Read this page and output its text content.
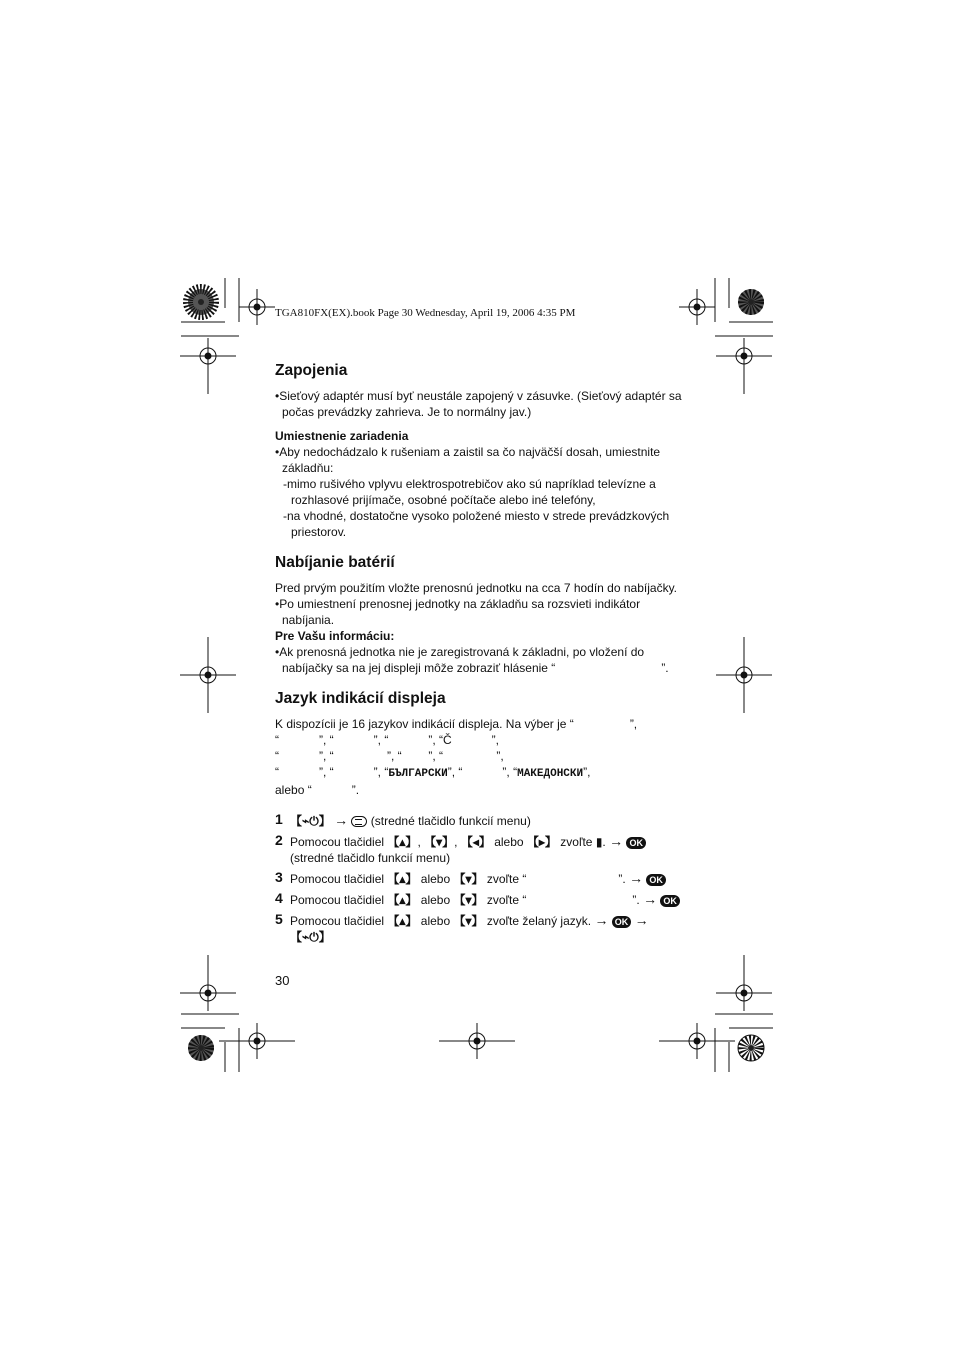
TGA810FX(EX).book Page 30 Wednesday, April 19, 2006 4:35 PM
Zapojenia

•Sieťový adaptér musí byť neustále zapojený v zásuvke. (Sieťový adaptér sa počas prevádzky zahrieva. Je to normálny jav.)

Umiestnenie zariadenia

•Aby nedochádzalo k rušeniam a zaistil sa čo najväčší dosah, umiestnite základňu:

-mimo rušivého vplyvu elektrospotrebičov ako sú napríklad televízne a rozhlasové prijímače, osobné počítače alebo iné telefóny,

-na vhodné, dostatočne vysoko položené miesto v strede prevádzkových priestorov.

Nabíjanie batérií

Pred prvým použitím vložte prenosnú jednotku na cca 7 hodín do nabíjačky.

•Po umiestnení prenosnej jednotky na základňu sa rozsvieti indikátor nabíjania.

Pre Vašu informáciu:

•Ak prenosná jednotka nie je zaregistrovaná k základni, po vložení do nabíjačky sa na jej displeji môže zobraziť hlásenie “	”.

Jazyk indikácií displeja

K dispozícii je 16 jazykov indikácií displeja. Na výber je “	”,

“            ”, “            ”, “            ”, “Č            ”,

“            ”, “                ”, “        ”, “                ”,

“            ”, “            ”, “БЪЛГАРСКИ”, “            ”, “МАКЕДОНСКИ”,

alebo “            ”.

1 【⌁⏻】 → (stredné tlačidlo funkcií menu)
2 Pomocou tlačidiel 【▴】, 【▾】, 【◂】 alebo 【▸】 zvoľte ▮. → OK (stredné tlačidlo funkcií menu)
3 Pomocou tlačidiel 【▴】 alebo 【▾】 zvoľte “	”. → OK
4 Pomocou tlačidiel 【▴】 alebo 【▾】 zvoľte “	”. → OK
5 Pomocou tlačidiel 【▴】 alebo 【▾】 zvoľte želaný jazyk. → OK →
【⌁⏻】
30
